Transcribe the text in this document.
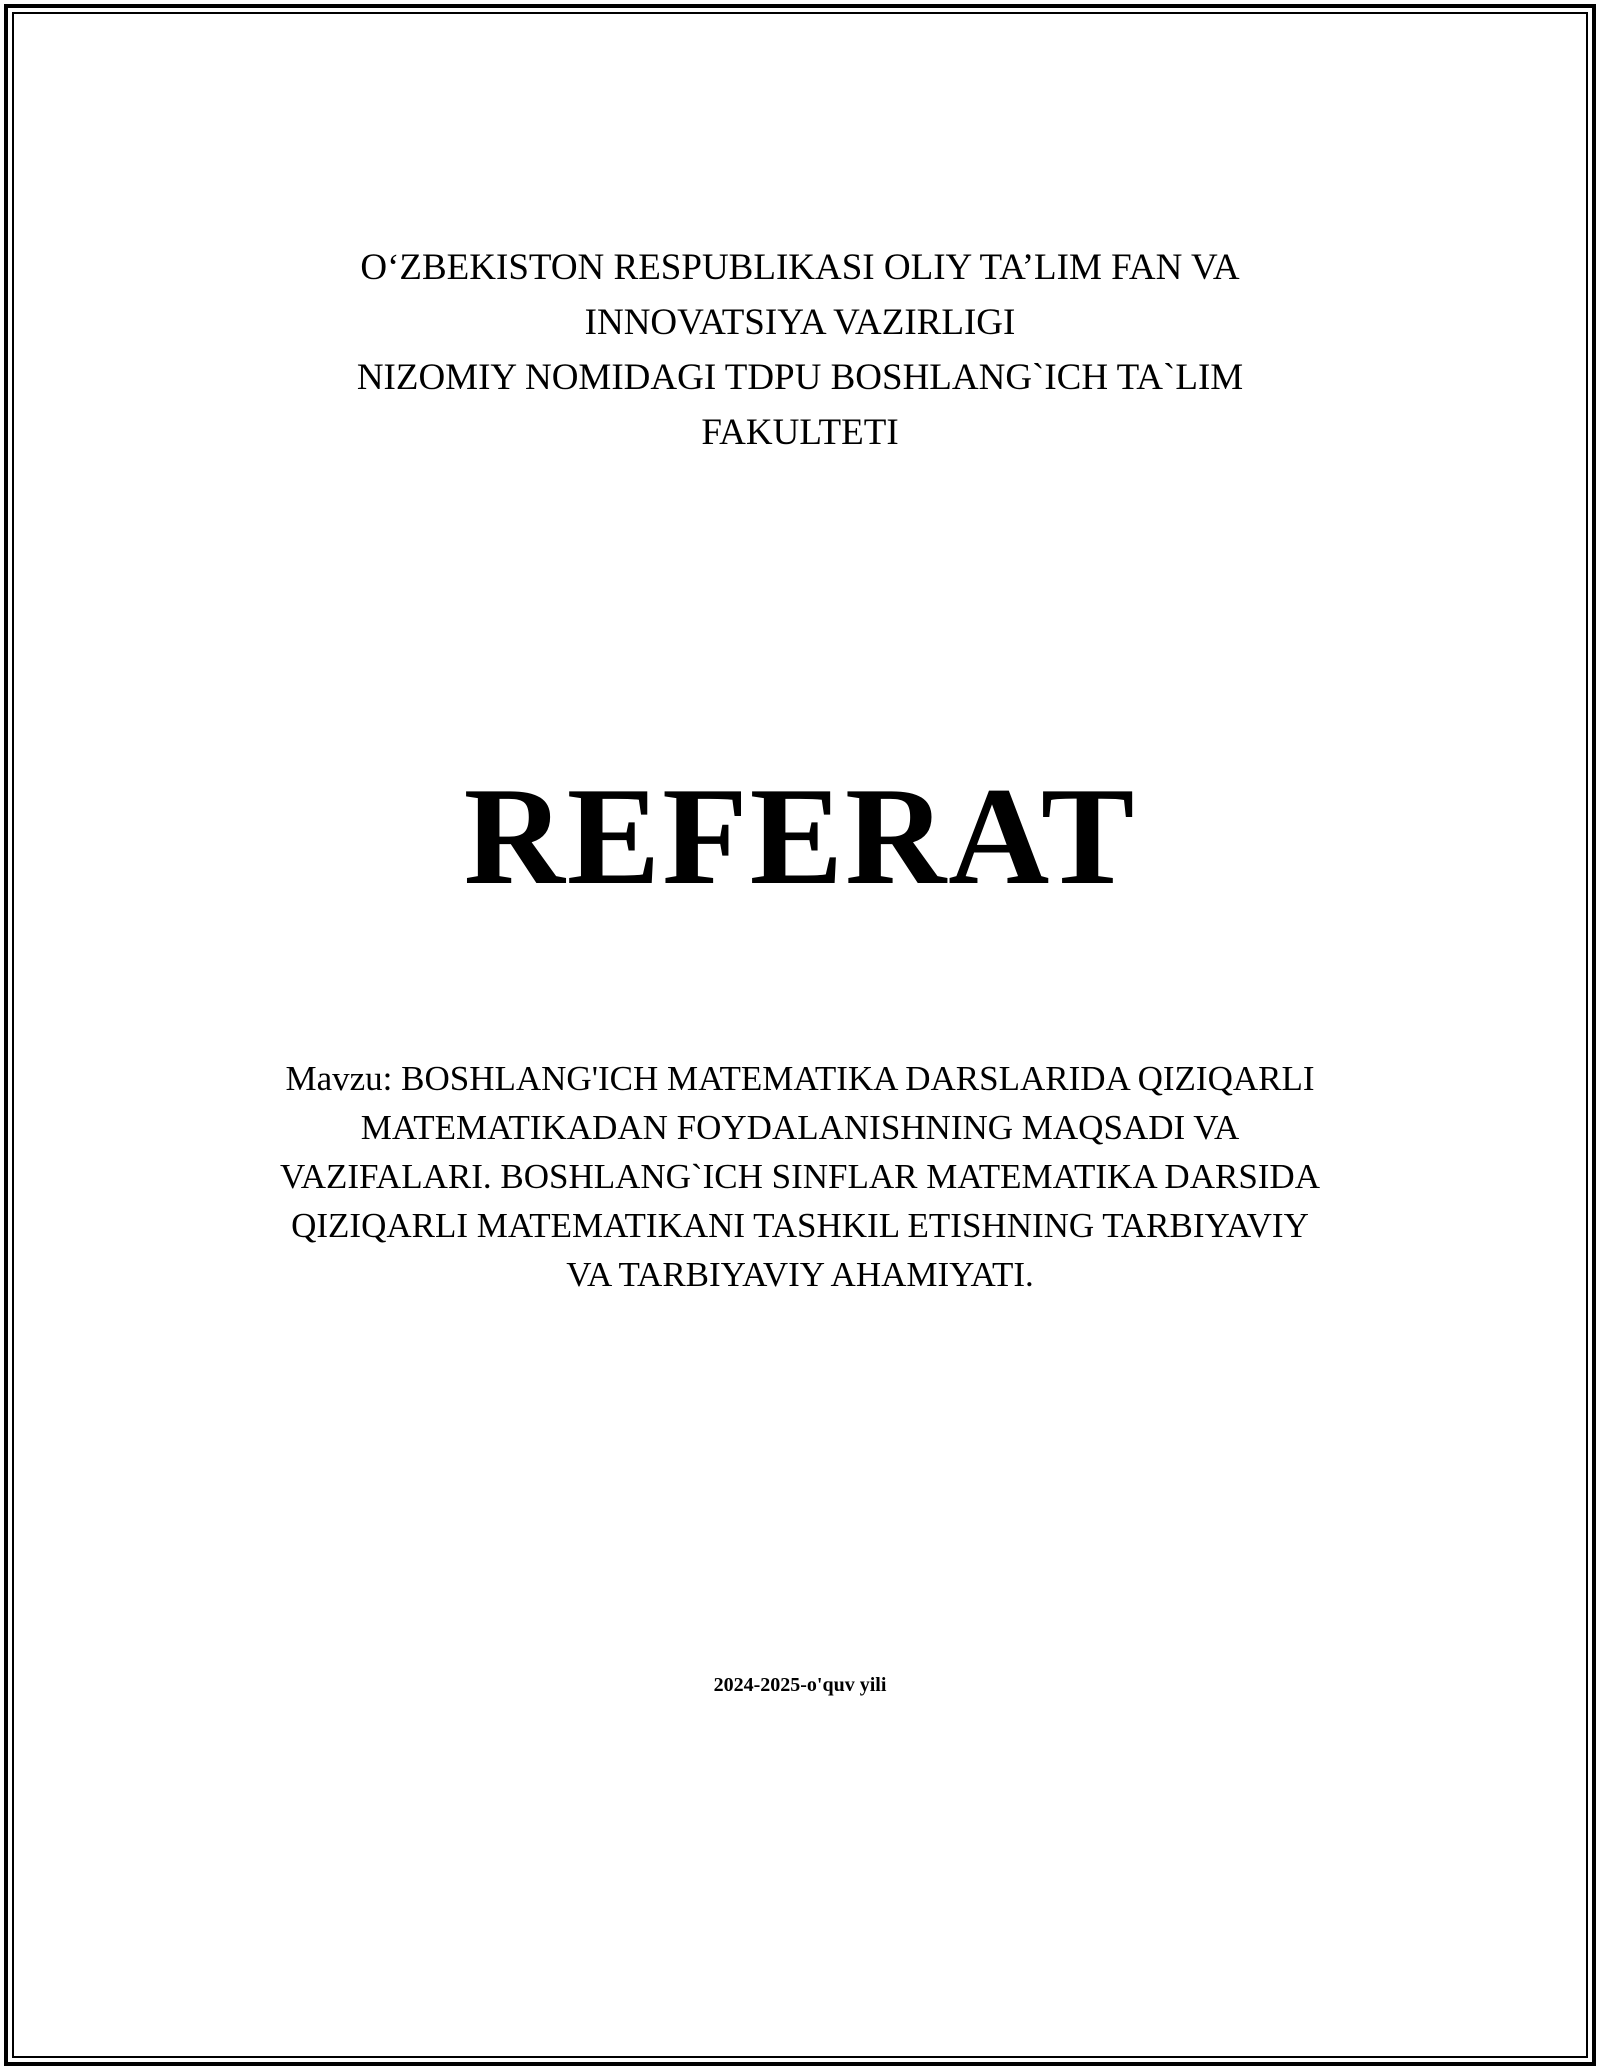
O‘ZBEKISTON RESPUBLIKASI OLIY TA’LIM FAN VA
INNOVATSIYA VAZIRLIGI
NIZOMIY NOMIDAGI TDPU BOSHLANG`ICH TA`LIM
FAKULTETI
REFERAT
Mavzu: BOSHLANG'ICH MATEMATIKA DARSLARIDA QIZIQARLI
MATEMATIKADAN FOYDALANISHNING MAQSADI VA
VAZIFALARI. BOSHLANG`ICH SINFLAR MATEMATIKA DARSIDA
QIZIQARLI MATEMATIKANI TASHKIL ETISHNING TARBIYAVIY
VA TARBIYAVIY AHAMIYATI.
2024-2025-o'quv yili
